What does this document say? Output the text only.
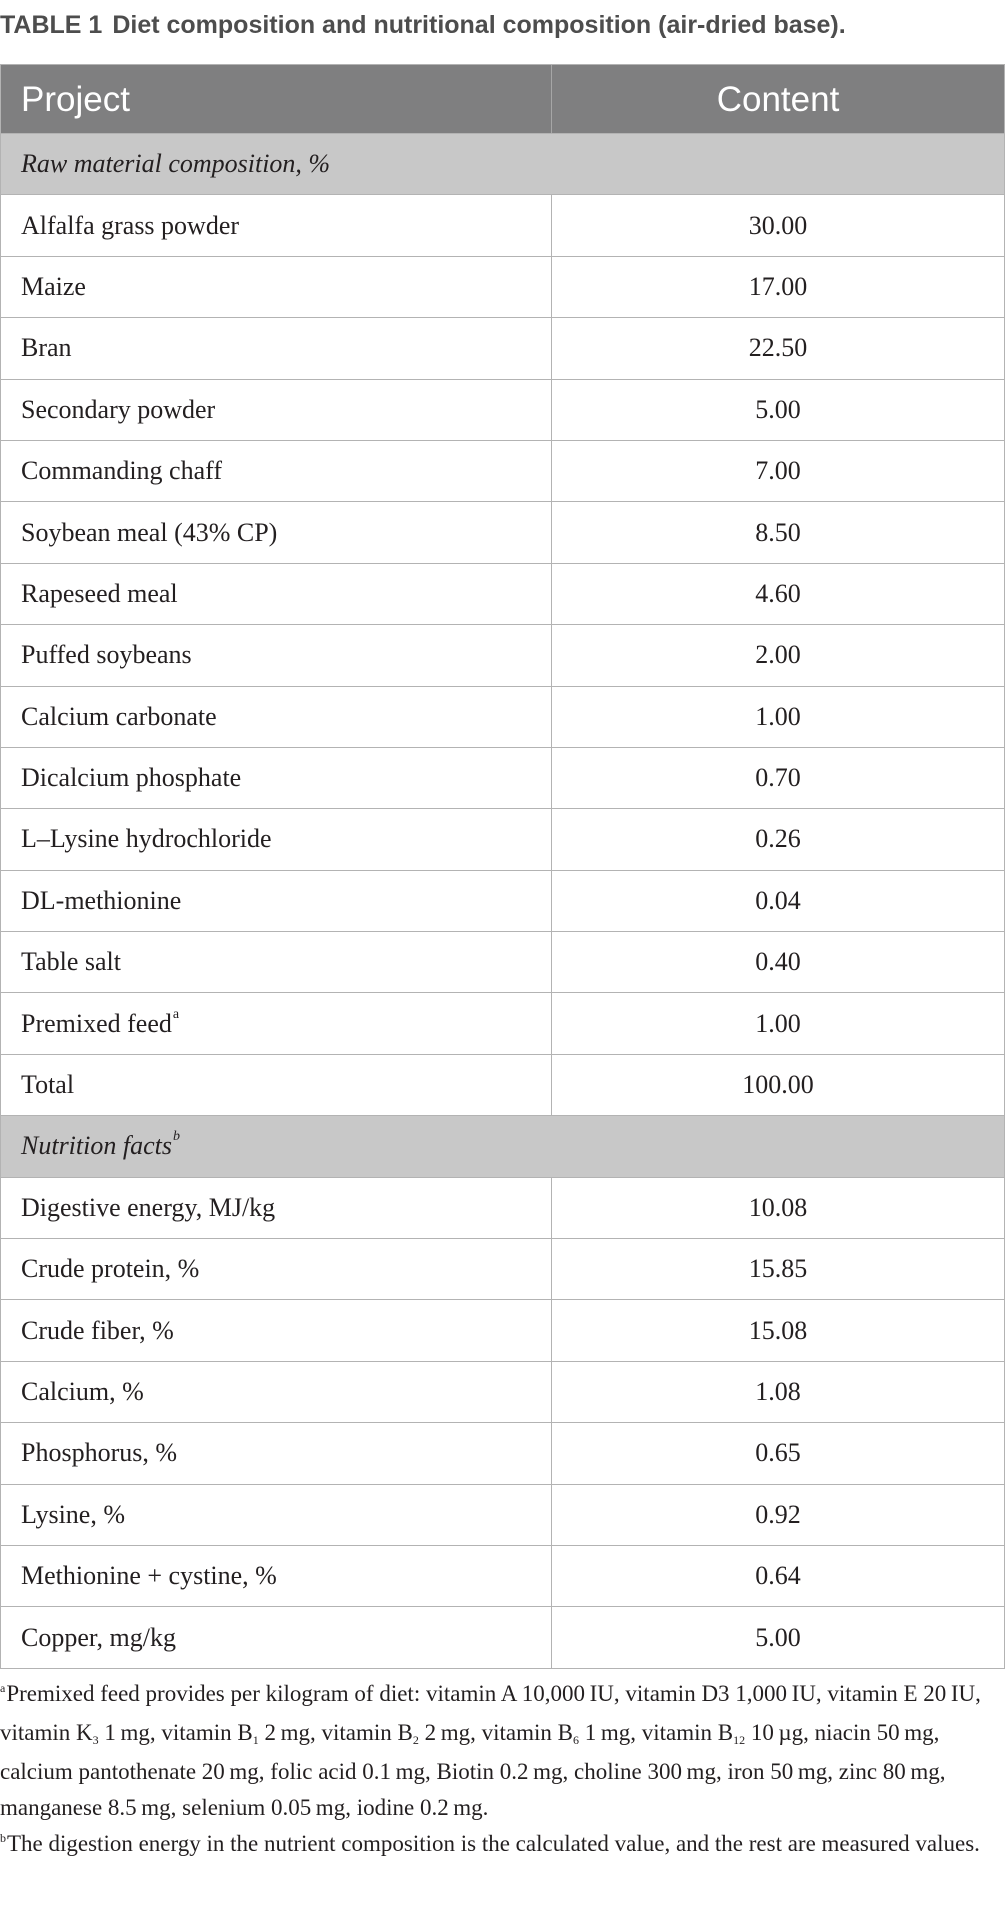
TABLE 1 Diet composition and nutritional composition (air-dried base).
Project	Content
Raw material composition, %
Alfalfa grass powder	30.00
Maize	17.00
Bran	22.50
Secondary powder	5.00
Commanding chaff	7.00
Soybean meal (43% CP)	8.50
Rapeseed meal	4.60
Puffed soybeans	2.00
Calcium carbonate	1.00
Dicalcium phosphate	0.70
L–Lysine hydrochloride	0.26
DL-methionine	0.04
Table salt	0.40
Premixed feed$^a$	1.00
Total	100.00
Nutrition facts$^b$
Digestive energy, MJ/kg	10.08
Crude protein, %	15.85
Crude fiber, %	15.08
Calcium, %	1.08
Phosphorus, %	0.65
Lysine, %	0.92
Methionine + cystine, %	0.64
Copper, mg/kg	5.00

$^a$Premixed feed provides per kilogram of diet: vitamin A 10,000 IU, vitamin D3 1,000 IU, vitamin E 20 IU, vitamin $K_3$ 1 mg, vitamin $B_1$ 2 mg, vitamin $B_2$ 2 mg, vitamin $B_6$ 1 mg, vitamin $B_{12}$ 10 µg, niacin 50 mg, calcium pantothenate 20 mg, folic acid 0.1 mg, Biotin 0.2 mg, choline 300 mg, iron 50 mg, zinc 80 mg, manganese 8.5 mg, selenium 0.05 mg, iodine 0.2 mg.

$^b$The digestion energy in the nutrient composition is the calculated value, and the rest are measured values.
